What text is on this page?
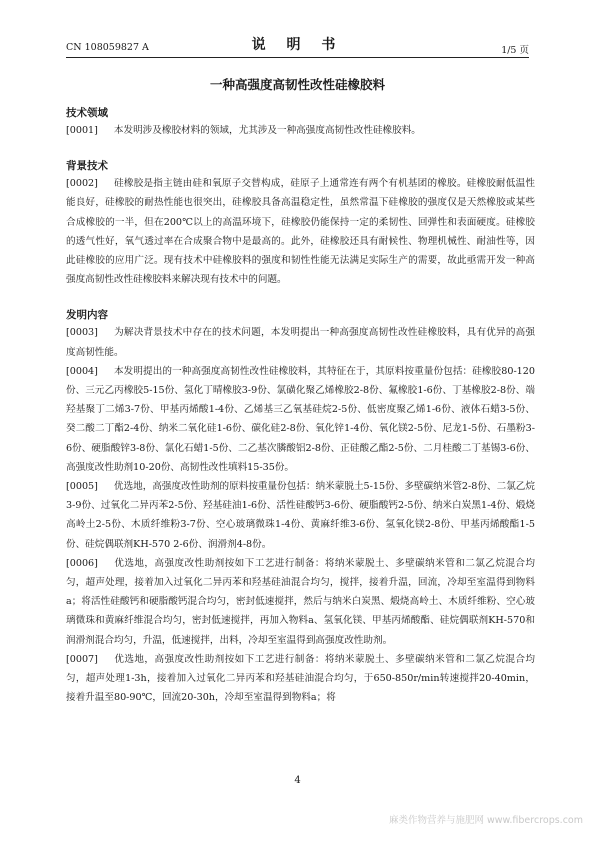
CN 108059827 A	说 明 书	1/5 页
一种高强度高韧性改性硅橡胶料
技术领域

[0001] 本发明涉及橡胶材料的领域，尤其涉及一种高强度高韧性改性硅橡胶料。

背景技术

[0002] 硅橡胶是指主链由硅和氧原子交替构成，硅原子上通常连有两个有机基团的橡胶。硅橡胶耐低温性能良好，硅橡胶的耐热性能也很突出，硅橡胶具备高温稳定性，虽然常温下硅橡胶的强度仅是天然橡胶或某些合成橡胶的一半，但在200℃以上的高温环境下，硅橡胶仍能保持一定的柔韧性、回弹性和表面硬度。硅橡胶的透气性好，氧气透过率在合成聚合物中是最高的。此外，硅橡胶还具有耐候性、物理机械性、耐油性等，因此硅橡胶的应用广泛。现有技术中硅橡胶料的强度和韧性性能无法满足实际生产的需要，故此亟需开发一种高强度高韧性改性硅橡胶料来解决现有技术中的问题。

发明内容

[0003] 为解决背景技术中存在的技术问题，本发明提出一种高强度高韧性改性硅橡胶料，具有优异的高强度高韧性能。

[0004] 本发明提出的一种高强度高韧性改性硅橡胶料，其特征在于，其原料按重量份包括：硅橡胶80-120份、三元乙丙橡胶5-15份、氢化丁晴橡胶3-9份、氯磺化聚乙烯橡胶2-8份、氟橡胶1-6份、丁基橡胶2-8份、端羟基聚丁二烯3-7份、甲基丙烯酸1-4份、乙烯基三乙氧基硅烷2-5份、低密度聚乙烯1-6份、液体石蜡3-5份、癸二酸二丁酯2-4份、纳米二氧化硅1-6份、碳化硅2-8份、氧化锌1-4份、氧化镁2-5份、尼龙1-5份、石墨粉3-6份、硬脂酸锌3-8份、氯化石蜡1-5份、二乙基次膦酸铝2-8份、正硅酸乙酯2-5份、二月桂酸二丁基锡3-6份、高强度改性助剂10-20份、高韧性改性填料15-35份。

[0005] 优选地，高强度改性助剂的原料按重量份包括：纳米蒙脱土5-15份、多壁碳纳米管2-8份、二氯乙烷3-9份、过氧化二异丙苯2-5份、羟基硅油1-6份、活性硅酸钙3-6份、硬脂酸钙2-5份、纳米白炭黑1-4份、煅烧高岭土2-5份、木质纤维粉3-7份、空心玻璃微珠1-4份、黄麻纤维3-6份、氢氧化镁2-8份、甲基丙烯酸酯1-5份、硅烷偶联剂KH-570 2-6份、润滑剂4-8份。

[0006] 优选地，高强度改性助剂按如下工艺进行制备：将纳米蒙脱土、多壁碳纳米管和二氯乙烷混合均匀，超声处理，接着加入过氧化二异丙苯和羟基硅油混合均匀，搅拌，接着升温，回流，冷却至室温得到物料a；将活性硅酸钙和硬脂酸钙混合均匀，密封低速搅拌，然后与纳米白炭黑、煅烧高岭土、木质纤维粉、空心玻璃微珠和黄麻纤维混合均匀，密封低速搅拌，再加入物料a、氢氧化镁、甲基丙烯酸酯、硅烷偶联剂KH-570和润滑剂混合均匀，升温，低速搅拌，出料，冷却至室温得到高强度改性助剂。

[0007] 优选地，高强度改性助剂按如下工艺进行制备：将纳米蒙脱土、多壁碳纳米管和二氯乙烷混合均匀，超声处理1-3h，接着加入过氧化二异丙苯和羟基硅油混合均匀，于650-850r/min转速搅拌20-40min，接着升温至80-90℃，回流20-30h，冷却至室温得到物料a；将

4
麻类作物营养与施肥网 www.fibercrops.com
